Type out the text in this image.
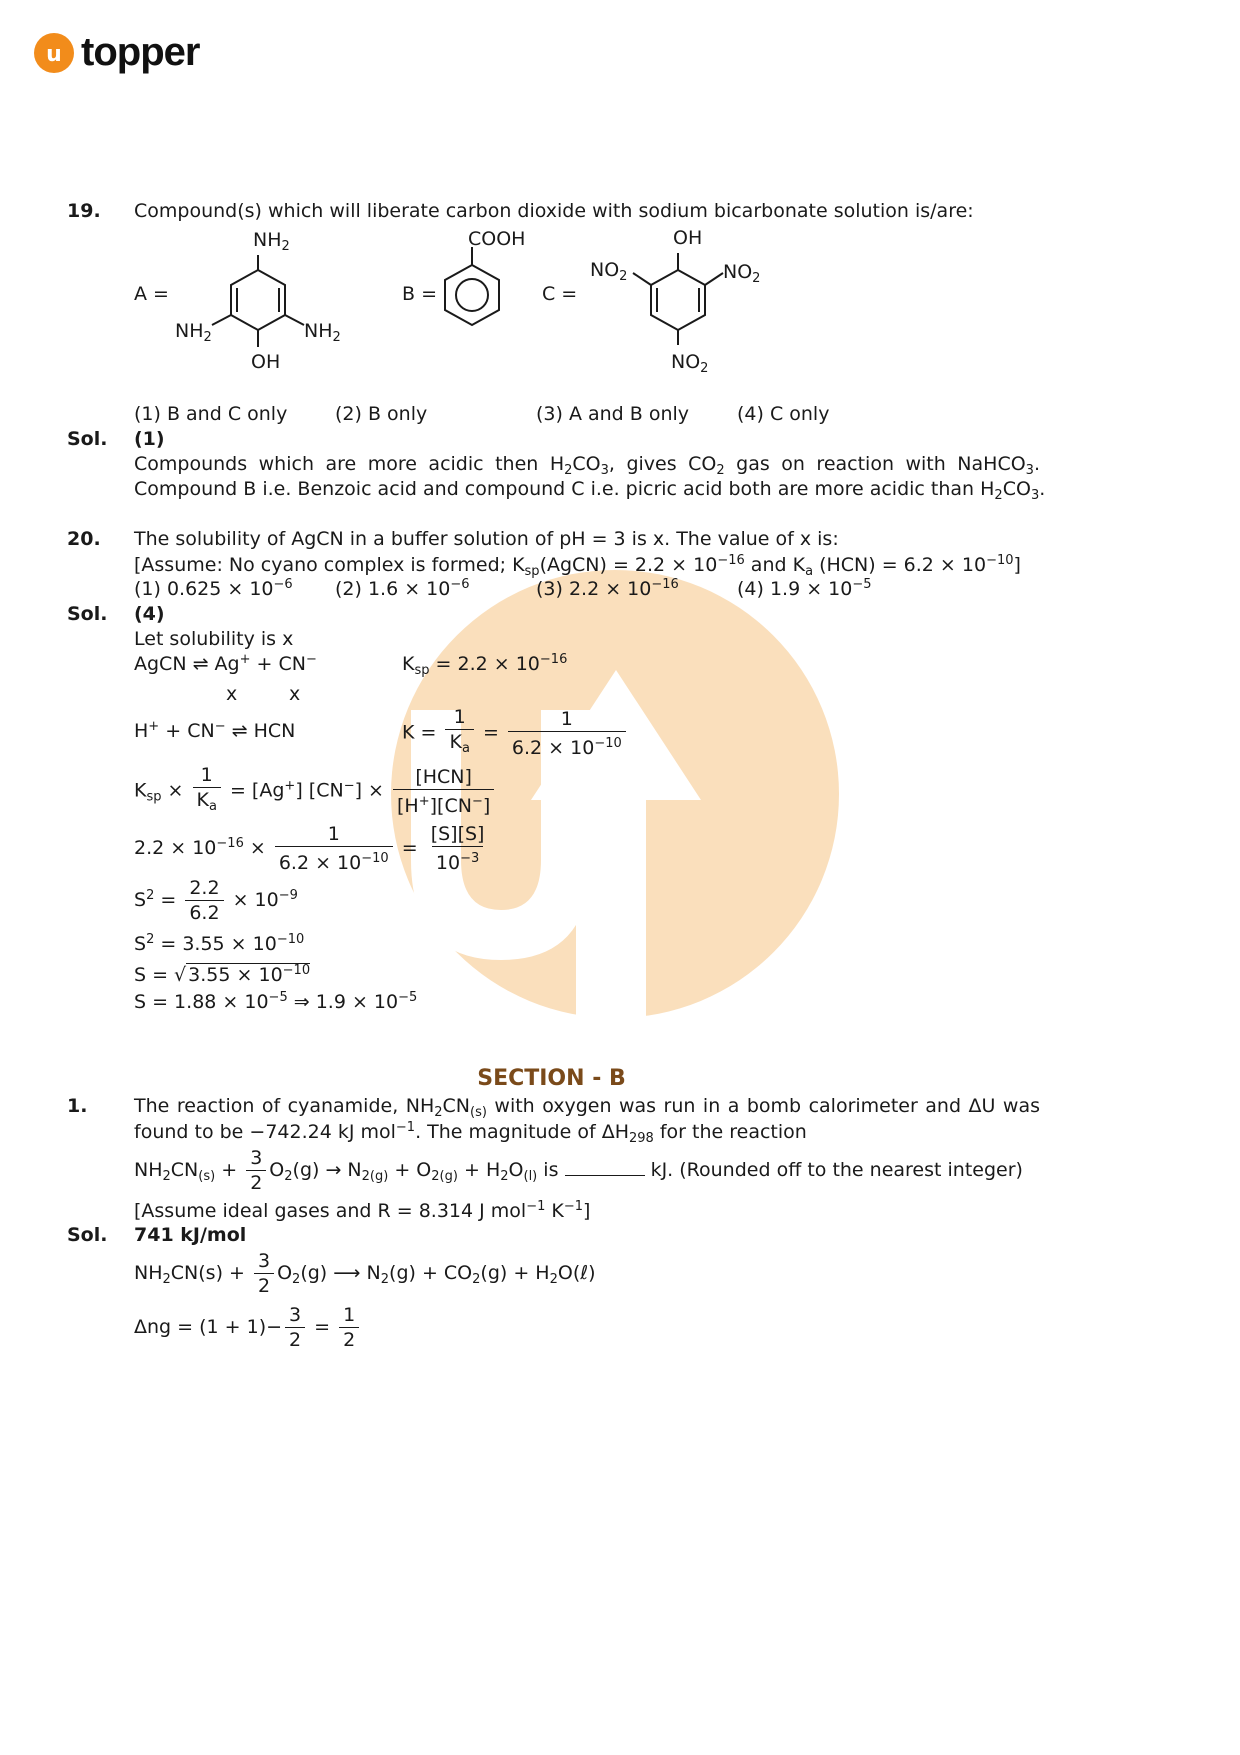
u topper
19. Compound(s) which will liberate carbon dioxide with sodium bicarbonate solution is/are:
A =	B =	C =
$NH_2$
$NH_2$	$NH_2$
OH
COOH	OH
$NO_2$	$NO_2$
$NO_2$
(1) B and C only	(2) B only	(3) A and B only	(4) C only
Sol. (1)
Compounds which are more acidic then $H_2CO_3$, gives $CO_2$ gas on reaction with NaHCO$_3$.
Compound B i.e. Benzoic acid and compound C i.e. picric acid both are more acidic than $H_2CO_3$.
20. The solubility of AgCN in a buffer solution of pH = 3 is x. The value of x is:
[Assume: No cyano complex is formed; $K_{sp}(AgCN) = 2.2 \times 10^{-16}$ and $K_a$ $(HCN) = 6.2 \times 10^{-10}$]
(1) $0.625 \times 10^{-6}$ (2) $1.6 \times 10^{-6}$	(3) $2.2 \times 10^{-16}$	(4) $1.9 \times 10^{-5}$
Sol. (4)
Let solubility is x
AgCN ⇌ Ag+ + CN−	$K_{sp} = 2.2 \times 10^{-16}$
x	x
H+ + CN− ⇌ HCN	$K = \frac{1}{K_a} = \frac{1}{6.2 \times 10^{-10}}$
$K_{sp} \times \frac{1}{K_a} = [Ag^+] [CN^-] \times \frac{\text{[HCN]}}{[H^+][CN^-]}$
$2.2 \times 10^{-16} \times \frac{1}{6.2 \times 10^{-10}} = \frac{[S][S]}{10^{-3}}$
$S^2 = \frac{2.2}{6.2} \times 10^{-9}$
$S^2 = 3.55 \times 10^{-10}$
S = √ $3.55 \times 10^{-10}$
$S = 1.88 \times 10^{-5}$ ⇒ $1.9 \times 10^{-5}$
SECTION - B
1. The reaction of cyanamide, $NH_2CN_{(s)}$ with oxygen was run in a bomb calorimeter and ΔU was
found to be −742.24 kJ mol$^{-1}$. The magnitude of $\Delta H_{298}$ for the reaction
$NH_2CN_{(s)} + \frac{3}{2} O_2(g) \to N_{2(g)} + O_{2(g)} + H_2O_{(l)}$ is	kJ. (Rounded off to the nearest integer)
[Assume ideal gases and R = 8.314 J mol$^{-1}$ $K^{-1}$]
Sol. 741 kJ/mol
$NH_2CN(s) + \frac{3}{2} O_2(g)$ ⟶ $N_2(g) + CO_2(g)$ + $H_2O(\ell)$
$\Delta ng = (1 + 1)- \frac{3}{2} = \frac{1}{2}$
